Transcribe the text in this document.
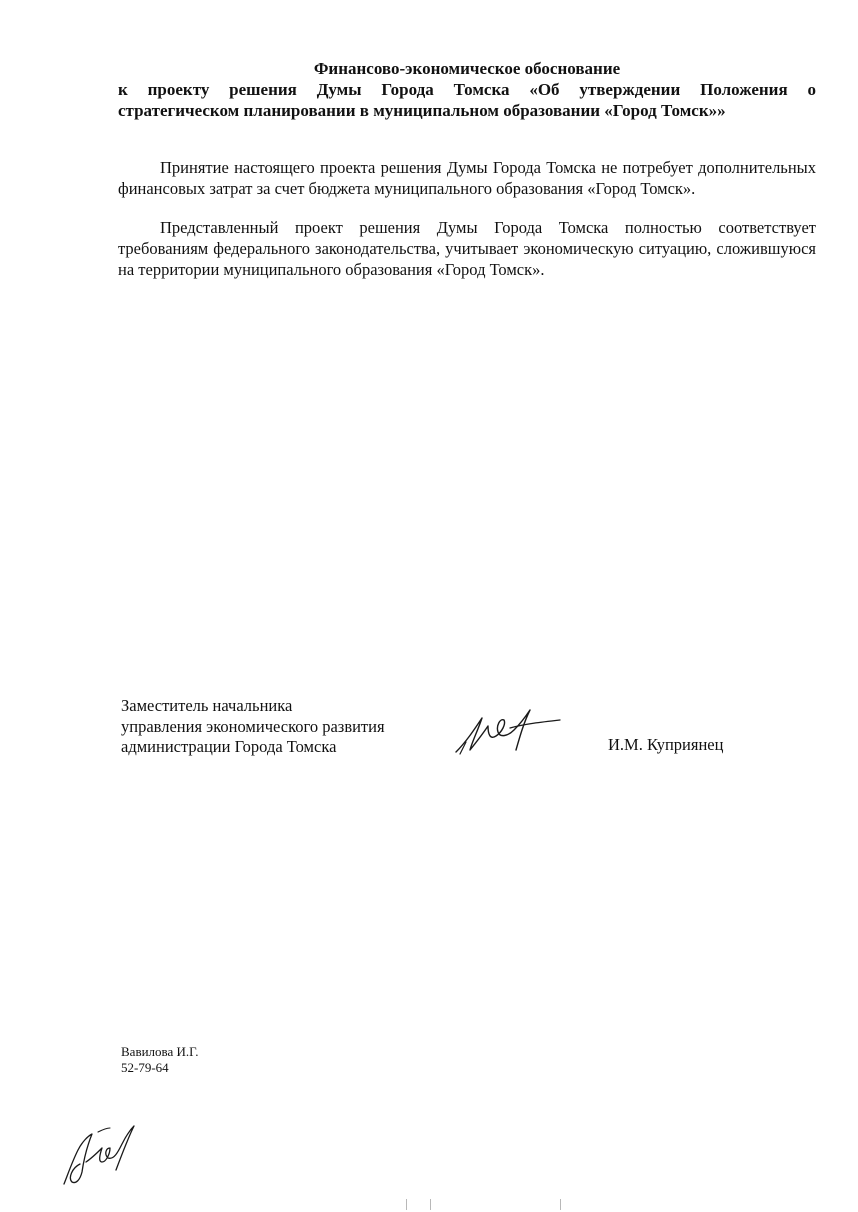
Финансово-экономическое обоснование
к проекту решения Думы Города Томска «Об утверждении Положения о
стратегическом планировании в муниципальном образовании «Город Томск»»

Принятие настоящего проекта решения Думы Города Томска не потребует дополнительных финансовых затрат за счет бюджета муниципального образования «Город Томск».

Представленный проект решения Думы Города Томска полностью соответствует требованиям федерального законодательства, учитывает экономическую ситуацию, сложившуюся на территории муниципального образования «Город Томск».

Заместитель начальника
управления экономического развития
администрации Города Томска	И.М. Куприянец
Вавилова И.Г.
52-79-64
